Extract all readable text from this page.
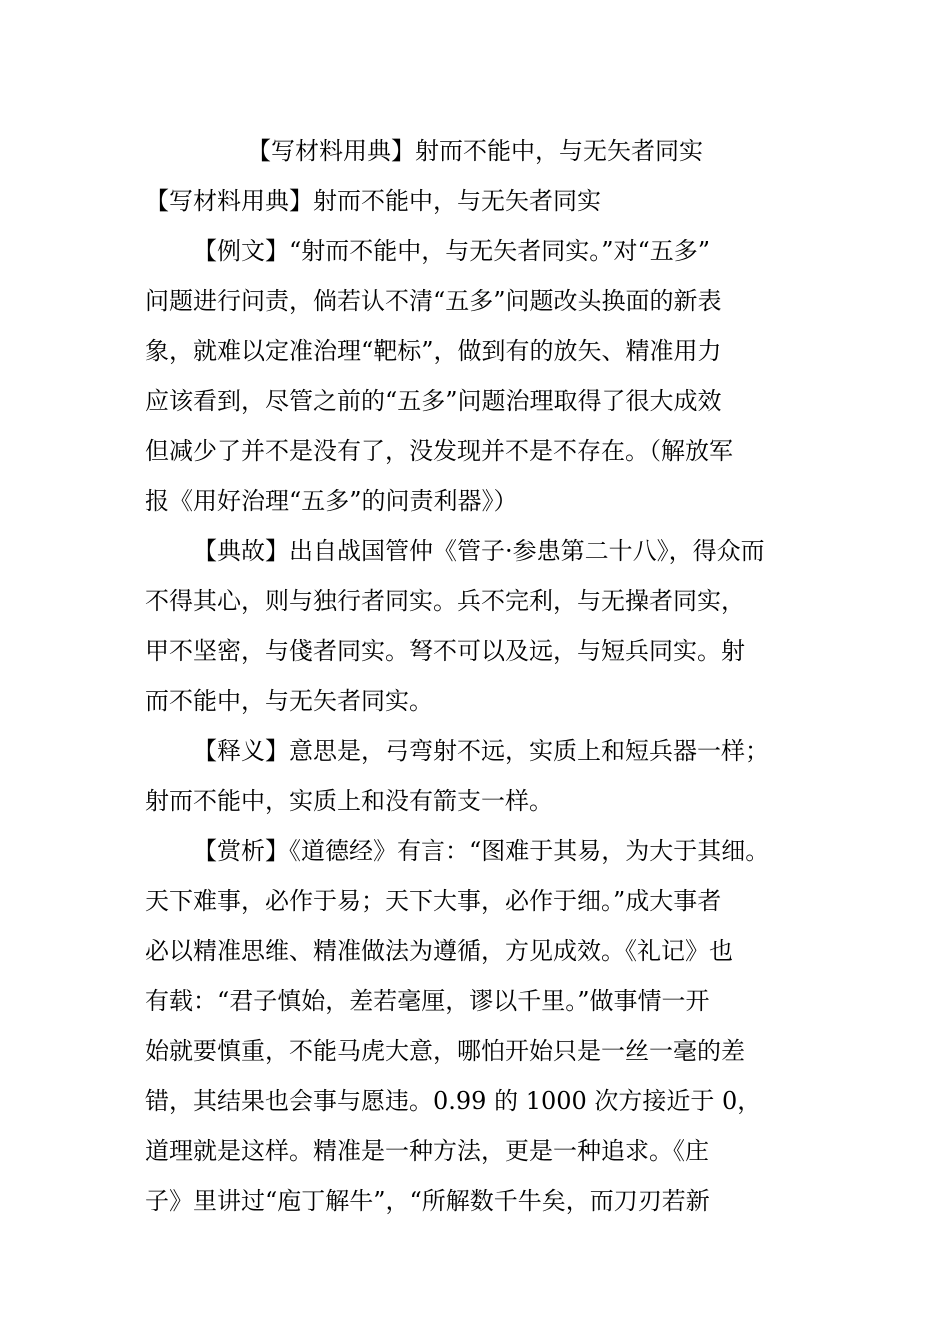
【写材料用典】射而不能中，与无矢者同实
【写材料用典】射而不能中，与无矢者同实
【例文】“射而不能中，与无矢者同实。”对“五多”
问题进行问责，倘若认不清“五多”问题改头换面的新表
象，就难以定准治理“靶标”，做到有的放矢、精准用力
应该看到，尽管之前的“五多”问题治理取得了很大成效
但减少了并不是没有了，没发现并不是不存在。（解放军
报《用好治理“五多”的问责利器》）
【典故】出自战国管仲《管子·参患第二十八》，得众而
不得其心，则与独行者同实。兵不完利，与无操者同实，
甲不坚密，与俴者同实。弩不可以及远，与短兵同实。射
而不能中，与无矢者同实。
【释义】意思是，弓弯射不远，实质上和短兵器一样；
射而不能中，实质上和没有箭支一样。
【赏析】《道德经》有言：“图难于其易，为大于其细。
天下难事，必作于易；天下大事，必作于细。”成大事者
必以精准思维、精准做法为遵循，方见成效。《礼记》也
有载：“君子慎始，差若毫厘，谬以千里。”做事情一开
始就要慎重，不能马虎大意，哪怕开始只是一丝一毫的差
错，其结果也会事与愿违。0.99 的 1000 次方接近于 0，
道理就是这样。精准是一种方法，更是一种追求。《庄
子》里讲过“庖丁解牛”，“所解数千牛矣，而刀刃若新
